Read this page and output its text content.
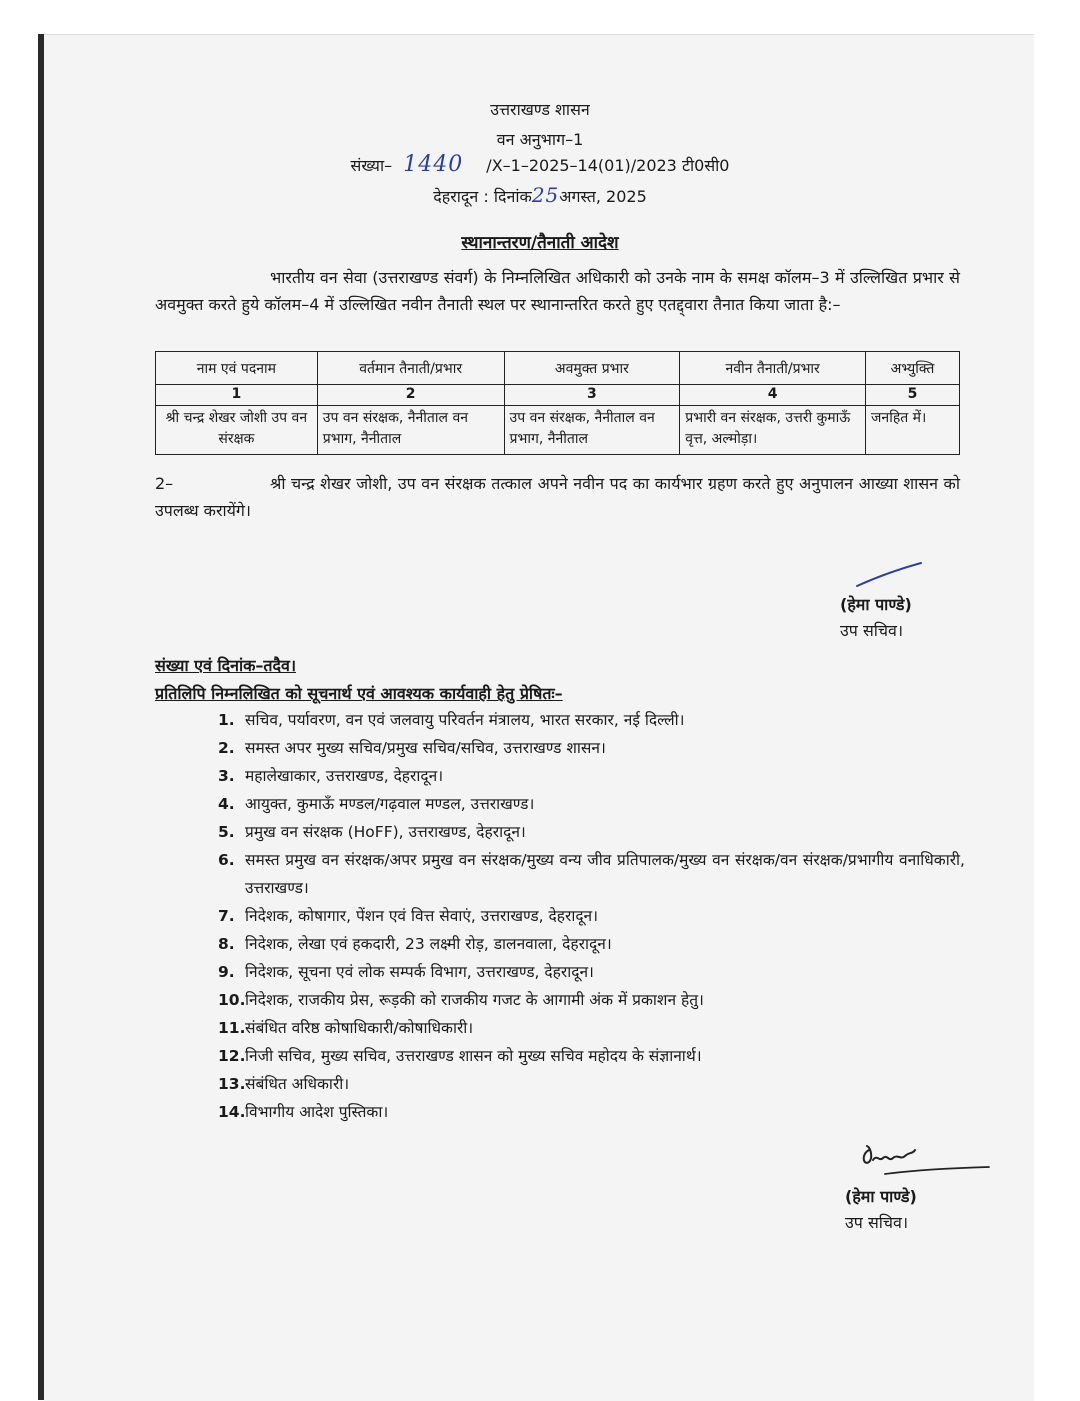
उत्तराखण्ड शासन
वन अनुभाग–1
संख्या– 1440 /X–1–2025–14(01)/2023 टी0सी0
देहरादून : दिनांक25अगस्त, 2025
स्थानान्तरण/तैनाती आदेश
भारतीय वन सेवा (उत्तराखण्ड संवर्ग) के निम्नलिखित अधिकारी को उनके नाम के समक्ष कॉलम–3 में उल्लिखित प्रभार से अवमुक्त करते हुये कॉलम–4 में उल्लिखित नवीन तैनाती स्थल पर स्थानान्तरित करते हुए एतद्द्वारा तैनात किया जाता है:–
नाम एवं पदनाम	वर्तमान तैनाती/प्रभार	अवमुक्त प्रभार	नवीन तैनाती/प्रभार	अभ्युक्ति
1	2	3	4	5
श्री चन्द्र शेखर जोशी उप वन संरक्षक	उप वन संरक्षक, नैनीताल वन प्रभाग, नैनीताल	उप वन संरक्षक, नैनीताल वन प्रभाग, नैनीताल	प्रभारी वन संरक्षक, उत्तरी कुमाऊँ वृत्त, अल्मोड़ा।	जनहित में।
2–	श्री चन्द्र शेखर जोशी, उप वन संरक्षक तत्काल अपने नवीन पद का कार्यभार ग्रहण करते हुए अनुपालन आख्या शासन को उपलब्ध करायेंगे।
(हेमा पाण्डे)
उप सचिव।
संख्या एवं दिनांक–तदैव।
प्रतिलिपि निम्नलिखित को सूचनार्थ एवं आवश्यक कार्यवाही हेतु प्रेषितः–
1. सचिव, पर्यावरण, वन एवं जलवायु परिवर्तन मंत्रालय, भारत सरकार, नई दिल्ली।
2. समस्त अपर मुख्य सचिव/प्रमुख सचिव/सचिव, उत्तराखण्ड शासन।
3. महालेखाकार, उत्तराखण्ड, देहरादून।
4. आयुक्त, कुमाऊँ मण्डल/गढ़वाल मण्डल, उत्तराखण्ड।
5. प्रमुख वन संरक्षक (HoFF), उत्तराखण्ड, देहरादून।
6. समस्त प्रमुख वन संरक्षक/अपर प्रमुख वन संरक्षक/मुख्य वन्य जीव प्रतिपालक/मुख्य वन संरक्षक/वन संरक्षक/प्रभागीय वनाधिकारी, उत्तराखण्ड।
7. निदेशक, कोषागार, पेंशन एवं वित्त सेवाएं, उत्तराखण्ड, देहरादून।
8. निदेशक, लेखा एवं हकदारी, 23 लक्ष्मी रोड़, डालनवाला, देहरादून।
9. निदेशक, सूचना एवं लोक सम्पर्क विभाग, उत्तराखण्ड, देहरादून।
10. निदेशक, राजकीय प्रेस, रूड़की को राजकीय गजट के आगामी अंक में प्रकाशन हेतु।
11. संबंधित वरिष्ठ कोषाधिकारी/कोषाधिकारी।
12. निजी सचिव, मुख्य सचिव, उत्तराखण्ड शासन को मुख्य सचिव महोदय के संज्ञानार्थ।
13. संबंधित अधिकारी।
14. विभागीय आदेश पुस्तिका।
(हेमा पाण्डे)
उप सचिव।
